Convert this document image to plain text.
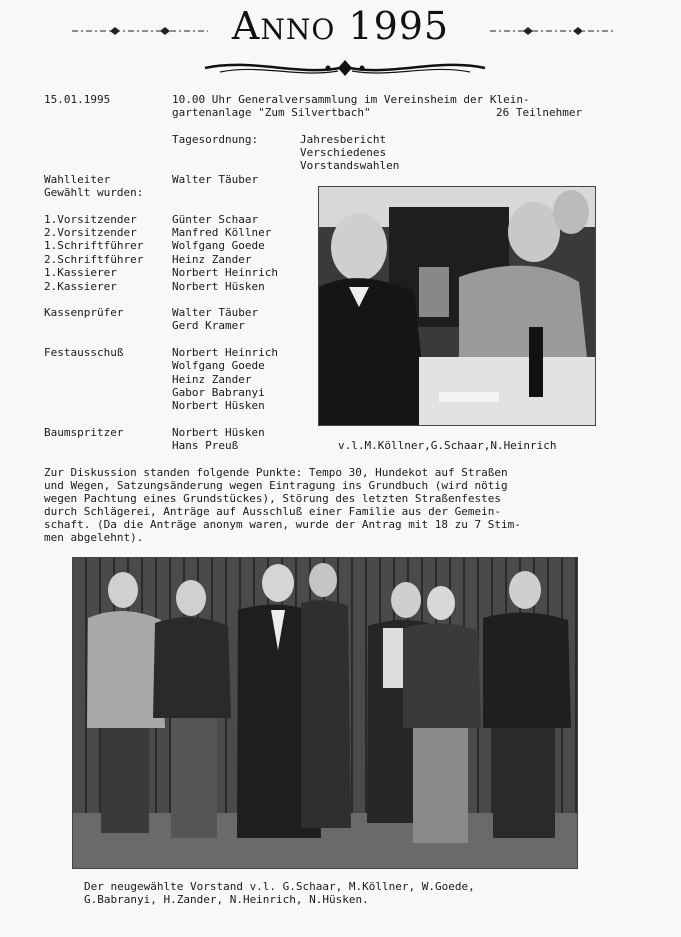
ANNO 1995
15.01.1995	10.00 Uhr Generalversammlung im Vereinsheim der Klein-
gartenanlage "Zum Silvertbach"	26 Teilnehmer
Tagesordnung:	Jahresbericht
Verschiedenes
Vorstandswahlen
Wahlleiter	Walter Täuber
Gewählt wurden:
1.Vorsitzender	Günter Schaar
2.Vorsitzender	Manfred Köllner
1.Schriftführer	Wolfgang Goede
2.Schriftführer	Heinz Zander
1.Kassierer	Norbert Heinrich
2.Kassierer	Norbert Hüsken
Kassenprüfer	Walter Täuber
Gerd Kramer
Festausschuß	Norbert Heinrich
Wolfgang Goede
Heinz Zander
Gabor Babranyi
Norbert Hüsken
Baumspritzer	Norbert Hüsken
Hans Preuß	v.l.M.Köllner,G.Schaar,N.Heinrich
Zur Diskussion standen folgende Punkte: Tempo 30, Hundekot auf Straßen
und Wegen, Satzungsänderung wegen Eintragung ins Grundbuch (wird nötig
wegen Pachtung eines Grundstückes), Störung des letzten Straßenfestes
durch Schlägerei, Anträge auf Ausschluß einer Familie aus der Gemein-
schaft. (Da die Anträge anonym waren, wurde der Antrag mit 18 zu 7 Stim-
men abgelehnt).
Der neugewählte Vorstand v.l. G.Schaar, M.Köllner, W.Goede,
G.Babranyi, H.Zander, N.Heinrich, N.Hüsken.
